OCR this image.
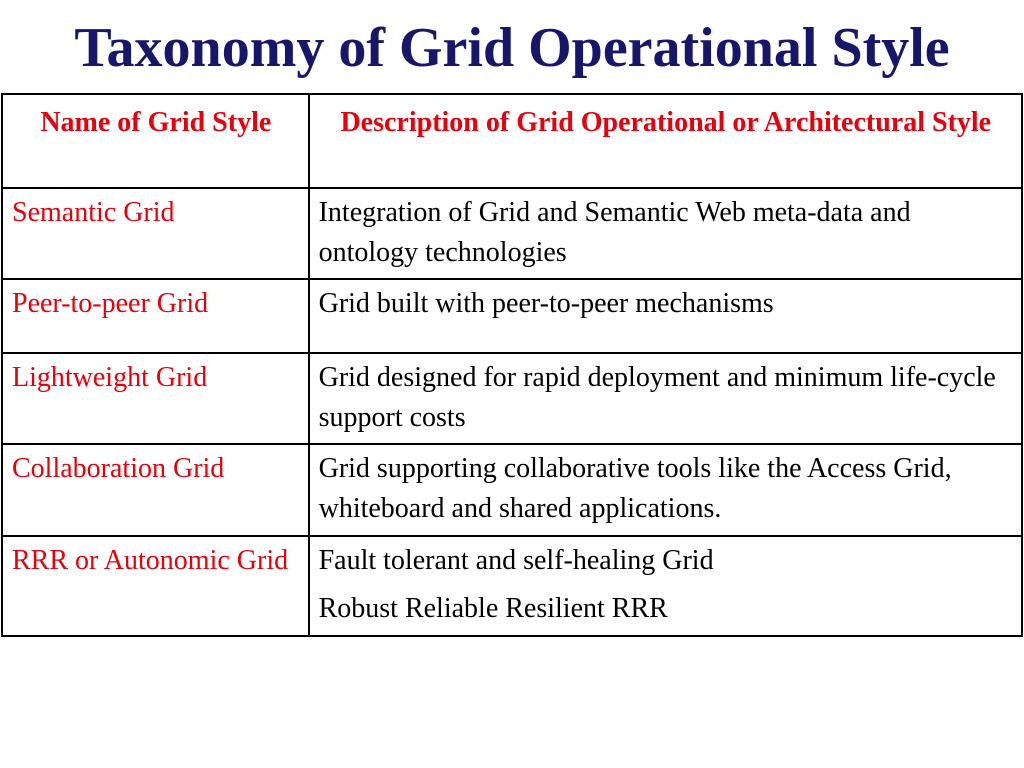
Taxonomy of Grid Operational Style
Name of Grid Style	Description of Grid Operational or Architectural Style
Semantic Grid	Integration of Grid and Semantic Web meta-data and ontology technologies
Peer-to-peer Grid	Grid built with peer-to-peer mechanisms
Lightweight Grid	Grid designed for rapid deployment and minimum life-cycle support costs
Collaboration Grid	Grid supporting collaborative tools like the Access Grid, whiteboard and shared applications.
RRR or Autonomic Grid	Fault tolerant and self-healing Grid
Robust Reliable Resilient RRR
